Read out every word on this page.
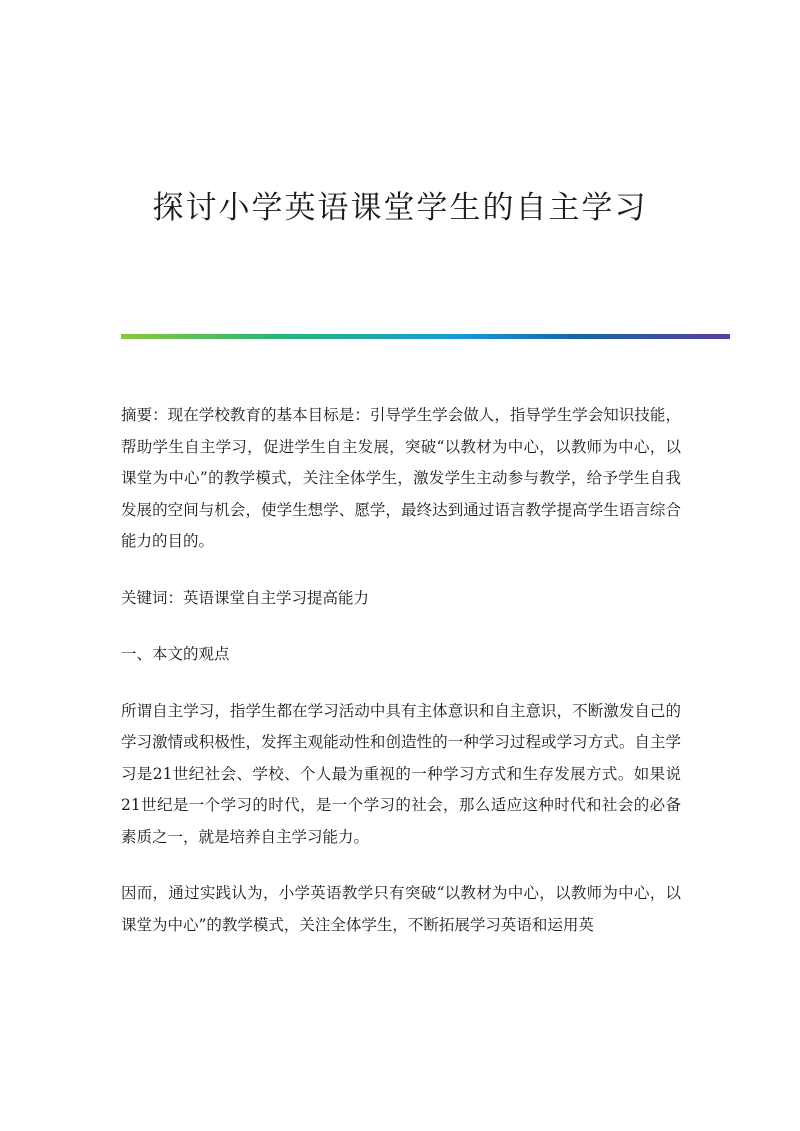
探讨小学英语课堂学生的自主学习

摘要：现在学校教育的基本目标是：引导学生学会做人，指导学生学会知识技能，帮助学生自主学习，促进学生自主发展，突破“以教材为中心，以教师为中心，以课堂为中心”的教学模式，关注全体学生，激发学生主动参与教学，给予学生自我发展的空间与机会，使学生想学、愿学，最终达到通过语言教学提高学生语言综合能力的目的。

关键词：英语课堂自主学习提高能力

一、本文的观点

所谓自主学习，指学生都在学习活动中具有主体意识和自主意识，不断激发自己的学习激情或积极性，发挥主观能动性和创造性的一种学习过程或学习方式。自主学习是21世纪社会、学校、个人最为重视的一种学习方式和生存发展方式。如果说21世纪是一个学习的时代，是一个学习的社会，那么适应这种时代和社会的必备素质之一，就是培养自主学习能力。

因而，通过实践认为，小学英语教学只有突破“以教材为中心，以教师为中心，以课堂为中心”的教学模式，关注全体学生，不断拓展学习英语和运用英
